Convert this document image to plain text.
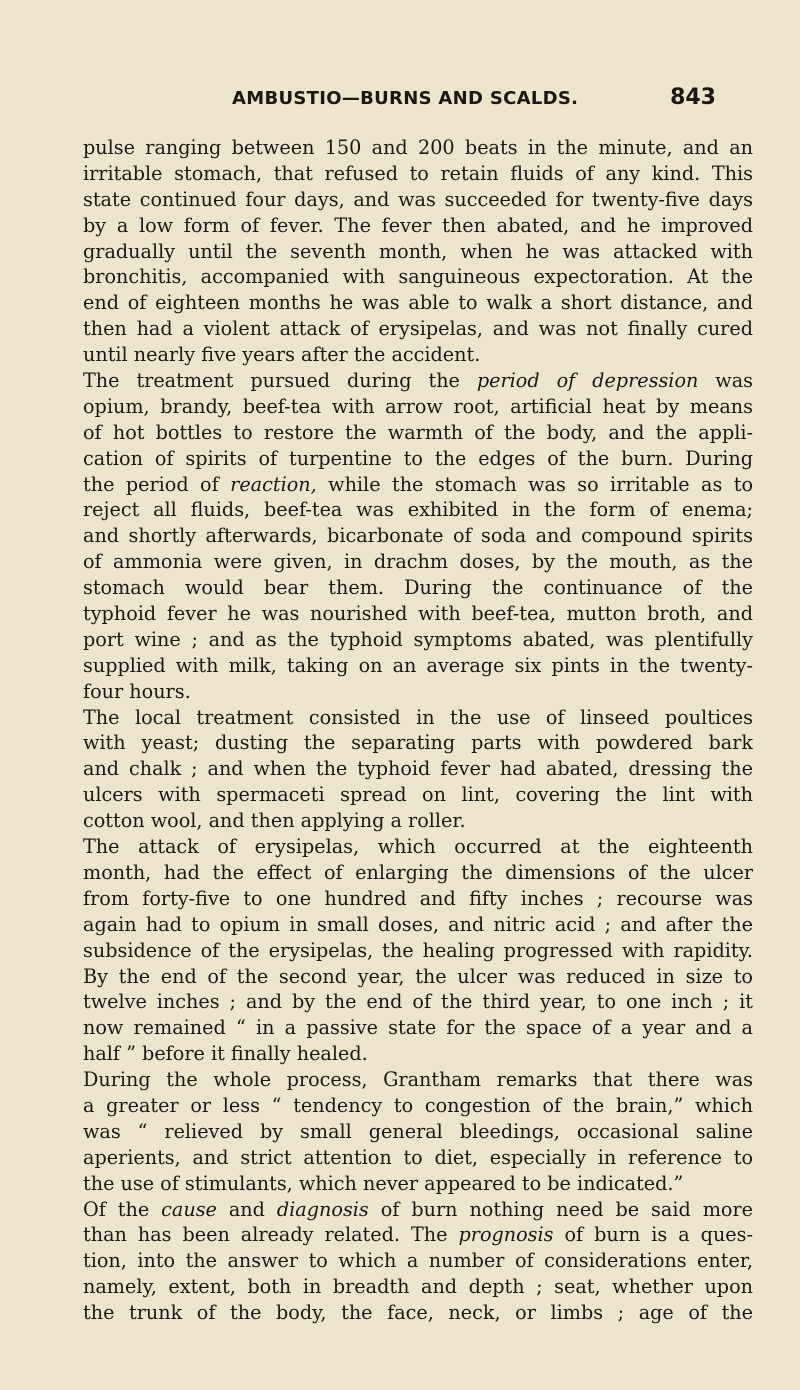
AMBUSTIO—BURNS AND SCALDS.	843
pulse ranging between 150 and 200 beats in the minute, and an
irritable stomach, that refused to retain fluids of any kind. This
state continued four days, and was succeeded for twenty-five days
by a low form of fever. The fever then abated, and he improved
gradually until the seventh month, when he was attacked with
bronchitis, accompanied with sanguineous expectoration. At the
end of eighteen months he was able to walk a short distance, and
then had a violent attack of erysipelas, and was not finally cured
until nearly five years after the accident.
The treatment pursued during the period of depression was
opium, brandy, beef-tea with arrow root, artificial heat by means
of hot bottles to restore the warmth of the body, and the appli-
cation of spirits of turpentine to the edges of the burn. During
the period of reaction, while the stomach was so irritable as to
reject all fluids, beef-tea was exhibited in the form of enema;
and shortly afterwards, bicarbonate of soda and compound spirits
of ammonia were given, in drachm doses, by the mouth, as the
stomach would bear them. During the continuance of the
typhoid fever he was nourished with beef-tea, mutton broth, and
port wine ; and as the typhoid symptoms abated, was plentifully
supplied with milk, taking on an average six pints in the twenty-
four hours.
The local treatment consisted in the use of linseed poultices
with yeast; dusting the separating parts with powdered bark
and chalk ; and when the typhoid fever had abated, dressing the
ulcers with spermaceti spread on lint, covering the lint with
cotton wool, and then applying a roller.
The attack of erysipelas, which occurred at the eighteenth
month, had the effect of enlarging the dimensions of the ulcer
from forty-five to one hundred and fifty inches ; recourse was
again had to opium in small doses, and nitric acid ; and after the
subsidence of the erysipelas, the healing progressed with rapidity.
By the end of the second year, the ulcer was reduced in size to
twelve inches ; and by the end of the third year, to one inch ; it
now remained “ in a passive state for the space of a year and a
half ” before it finally healed.
During the whole process, Grantham remarks that there was
a greater or less “ tendency to congestion of the brain,” which
was “ relieved by small general bleedings, occasional saline
aperients, and strict attention to diet, especially in reference to
the use of stimulants, which never appeared to be indicated.”
Of the cause and diagnosis of burn nothing need be said more
than has been already related. The prognosis of burn is a ques-
tion, into the answer to which a number of considerations enter,
namely, extent, both in breadth and depth ; seat, whether upon
the trunk of the body, the face, neck, or limbs ; age of the
